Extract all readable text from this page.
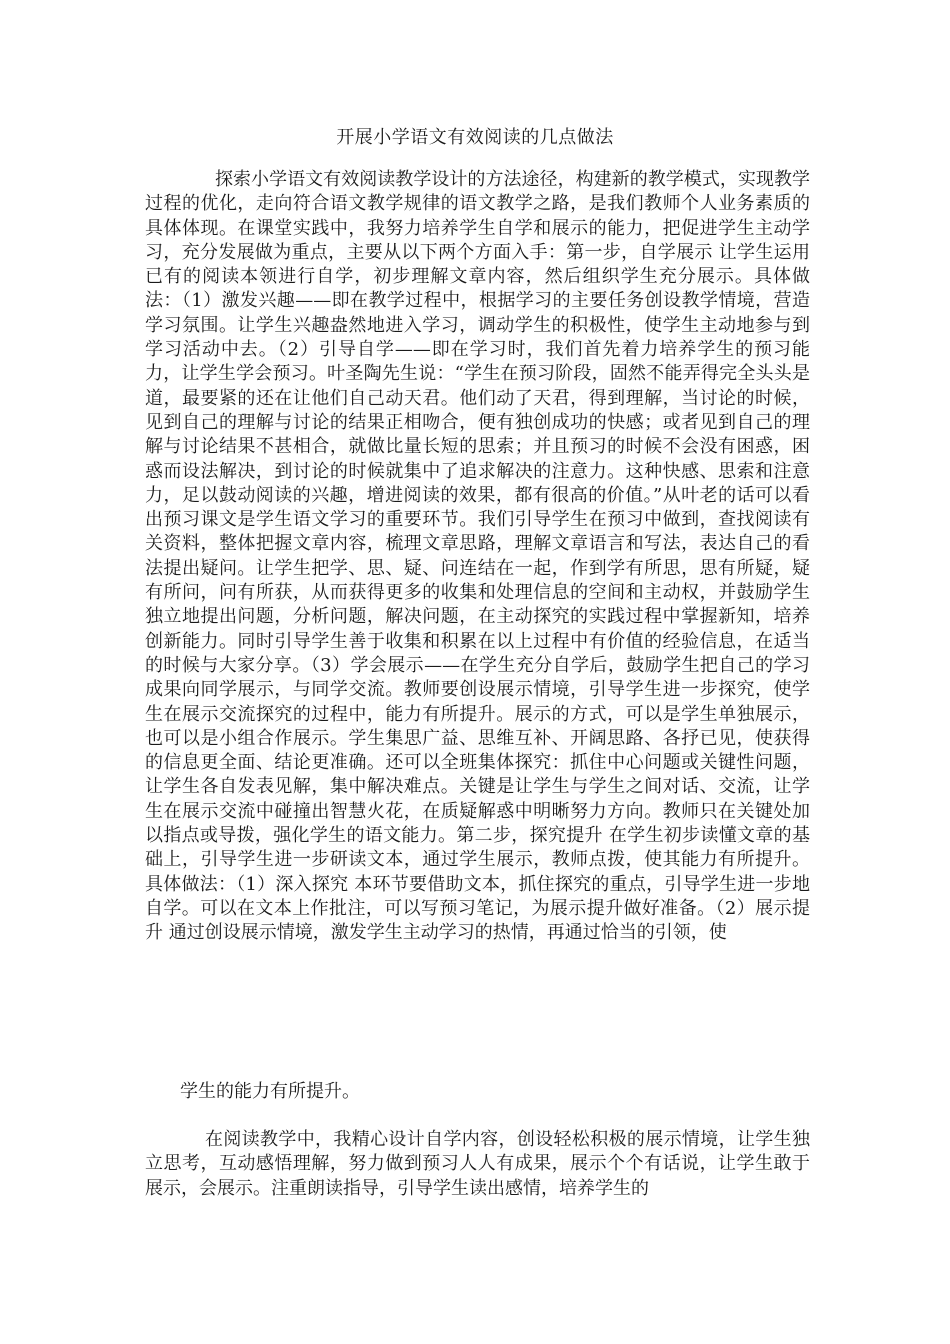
开展小学语文有效阅读的几点做法

探索小学语文有效阅读教学设计的方法途径，构建新的教学模式，实现教学过程的优化，走向符合语文教学规律的语文教学之路，是我们教师个人业务素质的具体体现。在课堂实践中，我努力培养学生自学和展示的能力，把促进学生主动学习，充分发展做为重点，主要从以下两个方面入手：第一步，自学展示 让学生运用已有的阅读本领进行自学，初步理解文章内容，然后组织学生充分展示。具体做法：（1）激发兴趣——即在教学过程中，根据学习的主要任务创设教学情境，营造学习氛围。让学生兴趣盎然地进入学习，调动学生的积极性，使学生主动地参与到学习活动中去。（2）引导自学——即在学习时，我们首先着力培养学生的预习能力，让学生学会预习。叶圣陶先生说：“学生在预习阶段，固然不能弄得完全头头是道，最要紧的还在让他们自己动天君。他们动了天君，得到理解，当讨论的时候，见到自己的理解与讨论的结果正相吻合，便有独创成功的快感；或者见到自己的理解与讨论结果不甚相合，就做比量长短的思索；并且预习的时候不会没有困惑，困惑而设法解决，到讨论的时候就集中了追求解决的注意力。这种快感、思索和注意力，足以鼓动阅读的兴趣，增进阅读的效果，都有很高的价值。”从叶老的话可以看出预习课文是学生语文学习的重要环节。我们引导学生在预习中做到，查找阅读有关资料，整体把握文章内容，梳理文章思路，理解文章语言和写法，表达自己的看法提出疑问。让学生把学、思、疑、问连结在一起，作到学有所思，思有所疑，疑有所问，问有所获，从而获得更多的收集和处理信息的空间和主动权，并鼓励学生独立地提出问题，分析问题，解决问题，在主动探究的实践过程中掌握新知，培养创新能力。同时引导学生善于收集和积累在以上过程中有价值的经验信息，在适当的时候与大家分享。（3）学会展示——在学生充分自学后，鼓励学生把自己的学习成果向同学展示，与同学交流。教师要创设展示情境，引导学生进一步探究，使学生在展示交流探究的过程中，能力有所提升。展示的方式，可以是学生单独展示，也可以是小组合作展示。学生集思广益、思维互补、开阔思路、各抒已见，使获得的信息更全面、结论更准确。还可以全班集体探究：抓住中心问题或关键性问题，让学生各自发表见解，集中解决难点。关键是让学生与学生之间对话、交流，让学生在展示交流中碰撞出智慧火花，在质疑解惑中明晰努力方向。教师只在关键处加以指点或导拨，强化学生的语文能力。第二步，探究提升 在学生初步读懂文章的基础上，引导学生进一步研读文本，通过学生展示，教师点拨，使其能力有所提升。具体做法：（1）深入探究 本环节要借助文本，抓住探究的重点，引导学生进一步地自学。可以在文本上作批注，可以写预习笔记，为展示提升做好准备。（2）展示提升 通过创设展示情境，激发学生主动学习的热情，再通过恰当的引领，使

学生的能力有所提升。

在阅读教学中，我精心设计自学内容，创设轻松积极的展示情境，让学生独立思考，互动感悟理解，努力做到预习人人有成果，展示个个有话说，让学生敢于展示，会展示。注重朗读指导，引导学生读出感情，培养学生的
